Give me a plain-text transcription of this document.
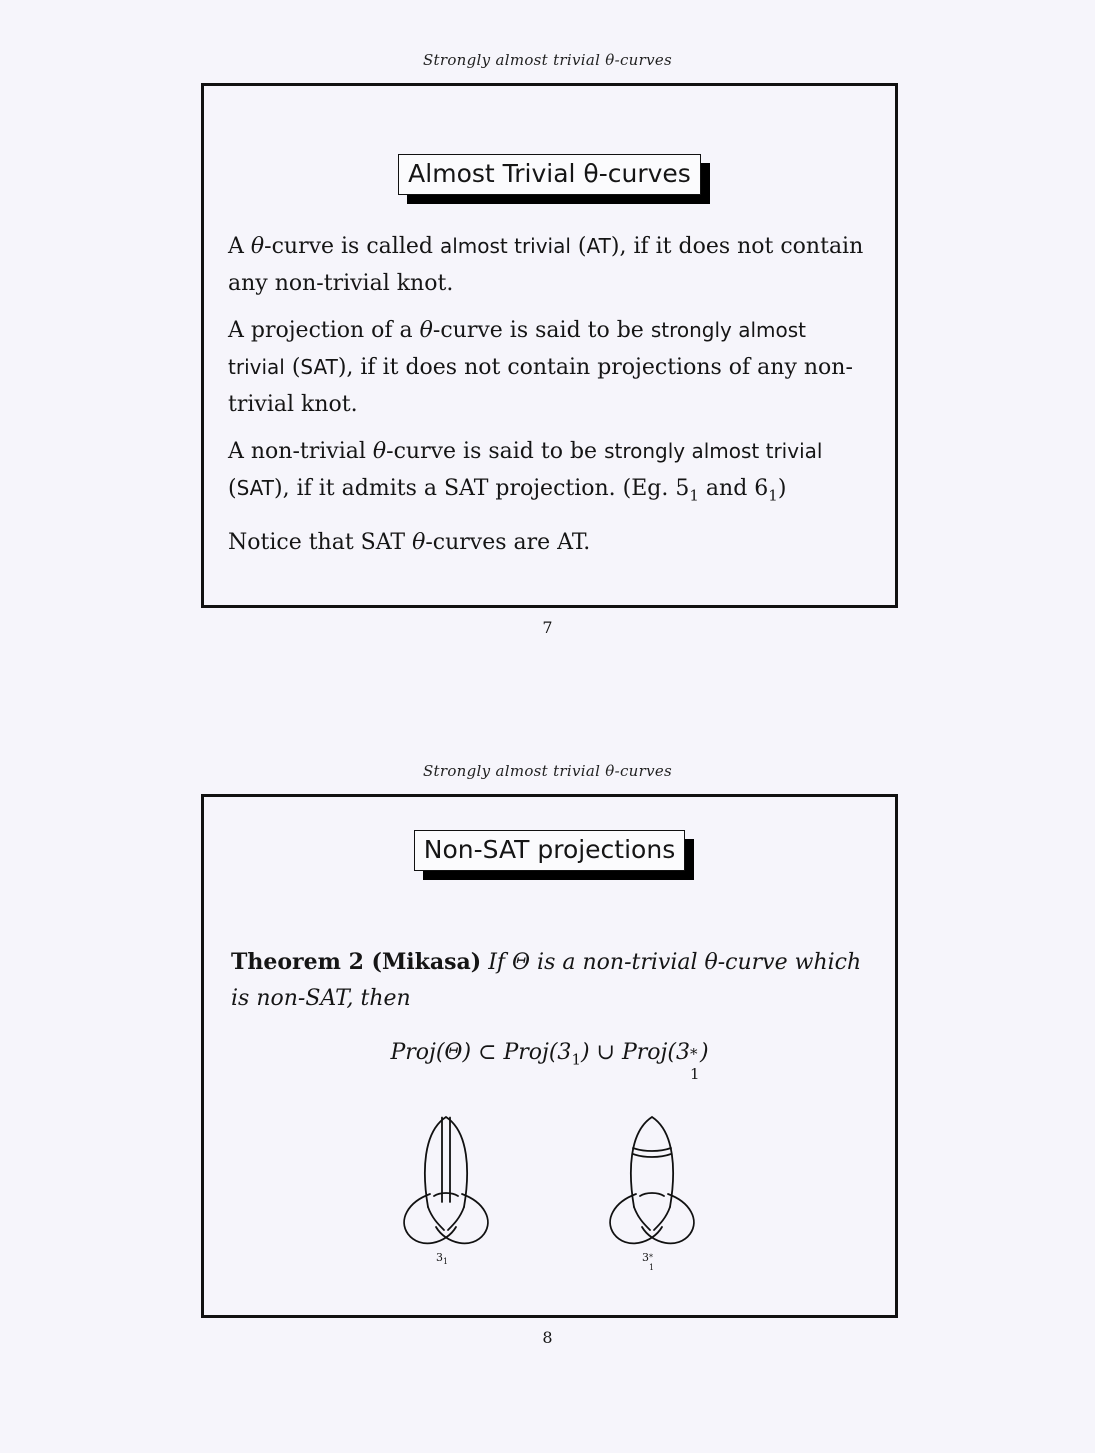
Strongly almost trivial θ-curves
Almost Trivial θ-curves

A θ-curve is called almost trivial (AT), if it does not contain any non-trivial knot.

A projection of a θ-curve is said to be strongly almost trivial (SAT), if it does not contain projections of any non-trivial knot.

A non-trivial θ-curve is said to be strongly almost trivial (SAT), if it admits a SAT projection. (Eg. $5_1$ and $6_1$)

Notice that SAT θ-curves are AT.

7
Strongly almost trivial θ-curves
Non-SAT projections
Theorem 2 (Mikasa) If Θ is a non-trivial θ-curve which is non-SAT, then
Proj(Θ) ⊂ $Proj(3_1)$ ∪ Proj(3 *
1
)
$3_1$	3 *
1
8
